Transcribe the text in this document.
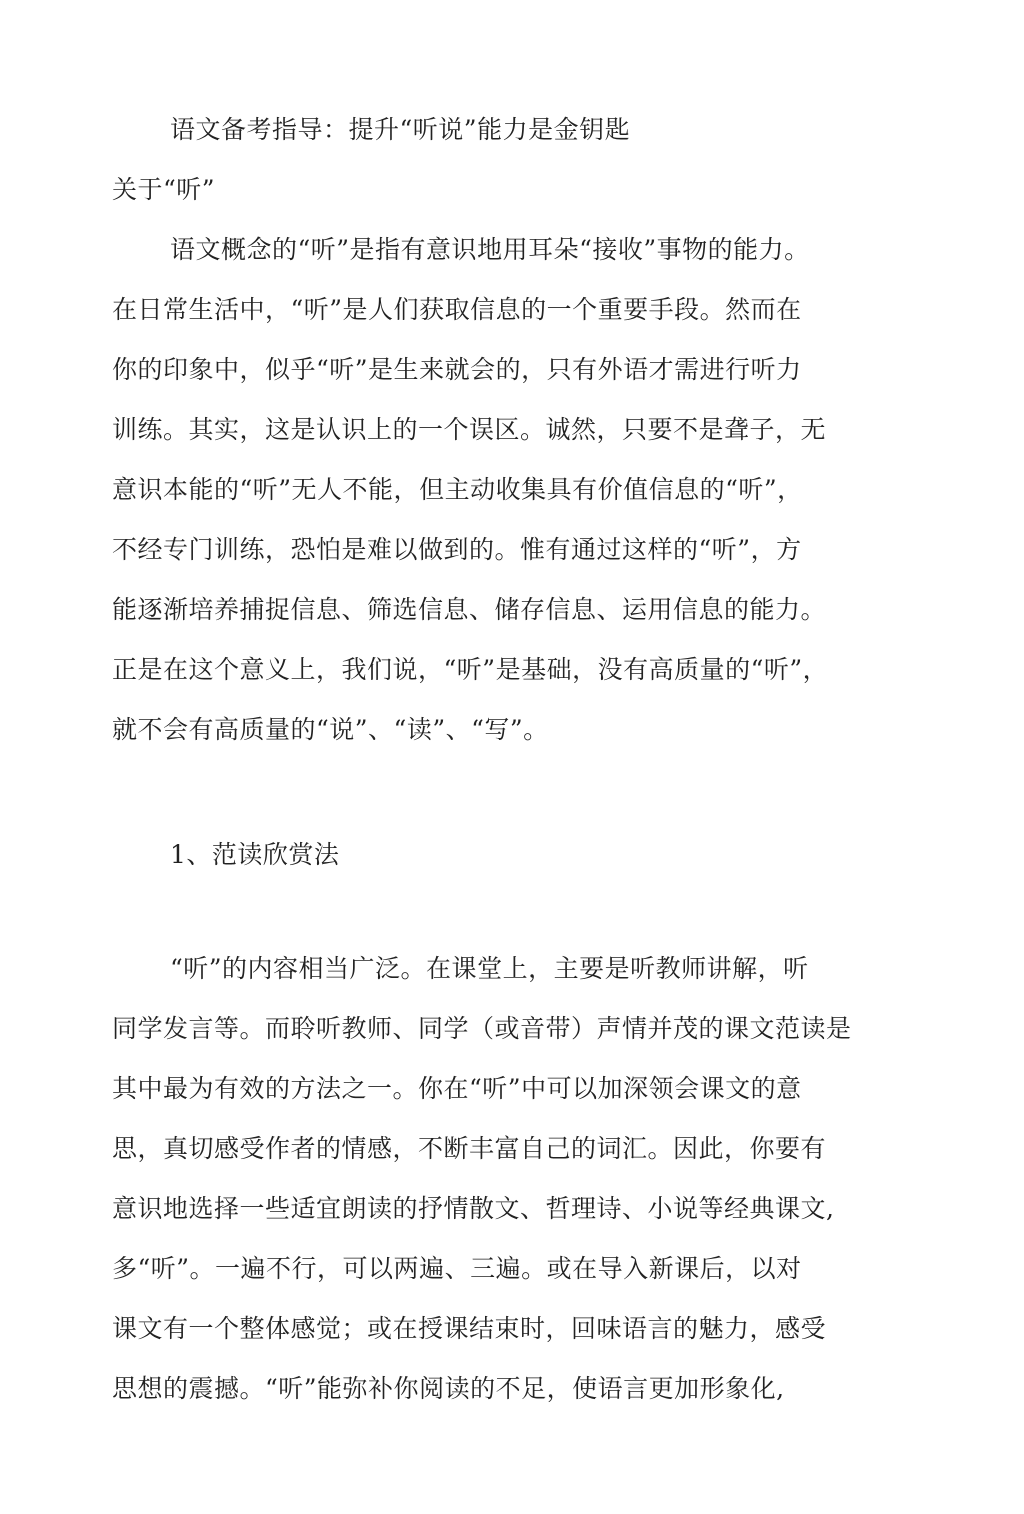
语文备考指导：提升“听说”能力是金钥匙

关于“听”

语文概念的“听”是指有意识地用耳朵“接收”事物的能力。

在日常生活中，“听”是人们获取信息的一个重要手段。然而在

你的印象中，似乎“听”是生来就会的，只有外语才需进行听力

训练。其实，这是认识上的一个误区。诚然，只要不是聋子，无

意识本能的“听”无人不能，但主动收集具有价值信息的“听”，

不经专门训练，恐怕是难以做到的。惟有通过这样的“听”，方

能逐渐培养捕捉信息、筛选信息、储存信息、运用信息的能力。

正是在这个意义上，我们说，“听”是基础，没有高质量的“听”，

就不会有高质量的“说”、“读”、“写”。

1、范读欣赏法

“听”的内容相当广泛。在课堂上，主要是听教师讲解，听

同学发言等。而聆听教师、同学（或音带）声情并茂的课文范读是

其中最为有效的方法之一。你在“听”中可以加深领会课文的意

思，真切感受作者的情感，不断丰富自己的词汇。因此，你要有

意识地选择一些适宜朗读的抒情散文、哲理诗、小说等经典课文,

多“听”。一遍不行，可以两遍、三遍。或在导入新课后，以对

课文有一个整体感觉；或在授课结束时，回味语言的魅力，感受

思想的震撼。“听”能弥补你阅读的不足，使语言更加形象化,
